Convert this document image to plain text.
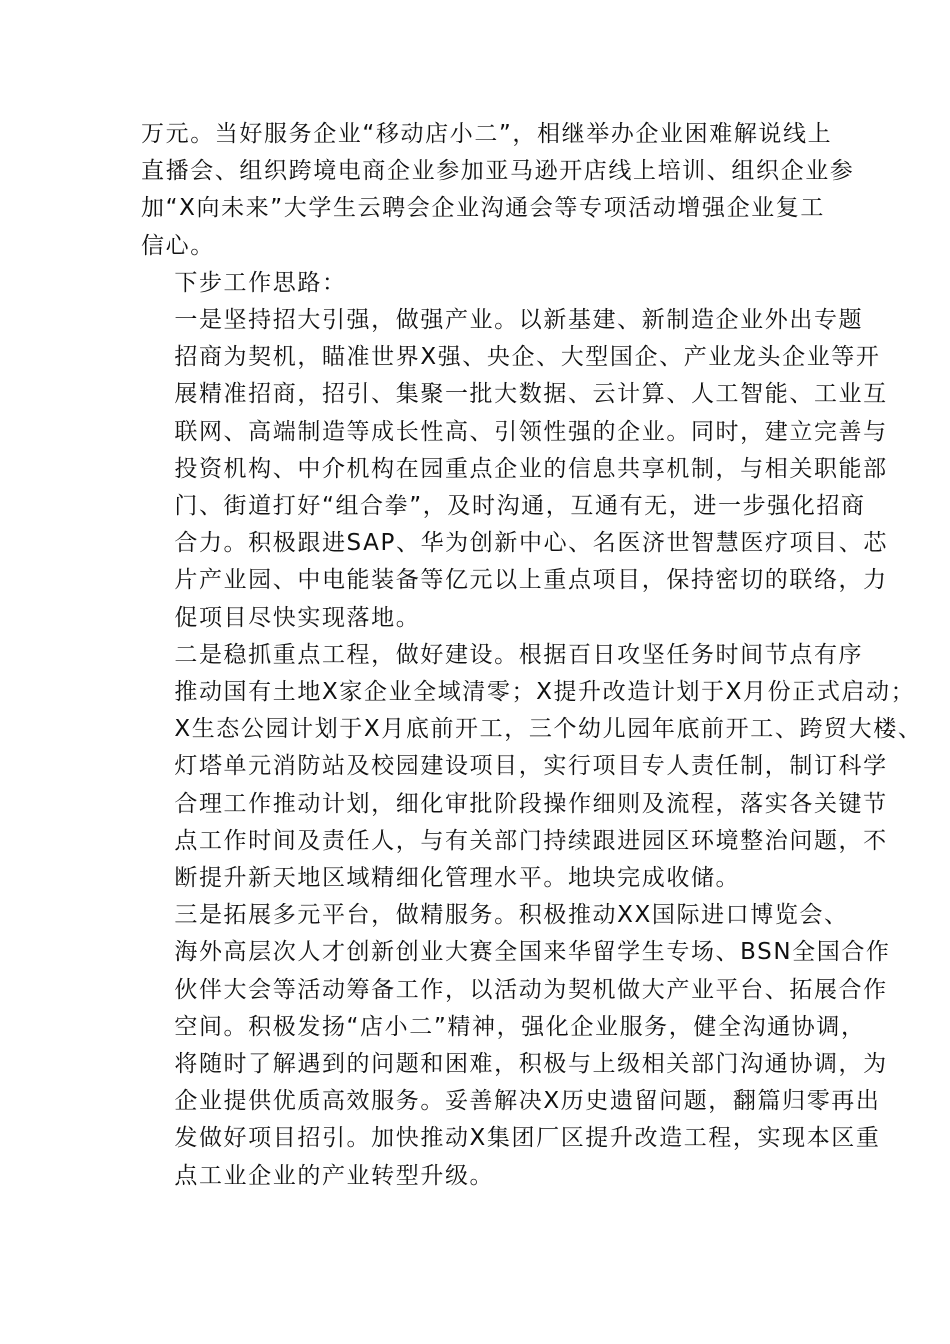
万元。当好服务企业“移动店小二”，相继举办企业困难解说线上
直播会、组织跨境电商企业参加亚马逊开店线上培训、组织企业参
加“X向未来”大学生云聘会企业沟通会等专项活动增强企业复工
信心。

下步工作思路：

一是坚持招大引强，做强产业。以新基建、新制造企业外出专题
招商为契机，瞄准世界X强、央企、大型国企、产业龙头企业等开
展精准招商，招引、集聚一批大数据、云计算、人工智能、工业互
联网、高端制造等成长性高、引领性强的企业。同时，建立完善与
投资机构、中介机构在园重点企业的信息共享机制，与相关职能部
门、街道打好“组合拳”，及时沟通，互通有无，进一步强化招商
合力。积极跟进SAP、华为创新中心、名医济世智慧医疗项目、芯
片产业园、中电能装备等亿元以上重点项目，保持密切的联络，力
促项目尽快实现落地。

二是稳抓重点工程，做好建设。根据百日攻坚任务时间节点有序
推动国有土地X家企业全域清零；X提升改造计划于X月份正式启动；
X生态公园计划于X月底前开工，三个幼儿园年底前开工、跨贸大楼、
灯塔单元消防站及校园建设项目，实行项目专人责任制，制订科学
合理工作推动计划，细化审批阶段操作细则及流程，落实各关键节
点工作时间及责任人，与有关部门持续跟进园区环境整治问题，不
断提升新天地区域精细化管理水平。地块完成收储。

三是拓展多元平台，做精服务。积极推动XX国际进口博览会、
海外高层次人才创新创业大赛全国来华留学生专场、BSN全国合作
伙伴大会等活动筹备工作，以活动为契机做大产业平台、拓展合作
空间。积极发扬“店小二”精神，强化企业服务，健全沟通协调，
将随时了解遇到的问题和困难，积极与上级相关部门沟通协调，为
企业提供优质高效服务。妥善解决X历史遗留问题，翻篇归零再出
发做好项目招引。加快推动X集团厂区提升改造工程，实现本区重
点工业企业的产业转型升级。
